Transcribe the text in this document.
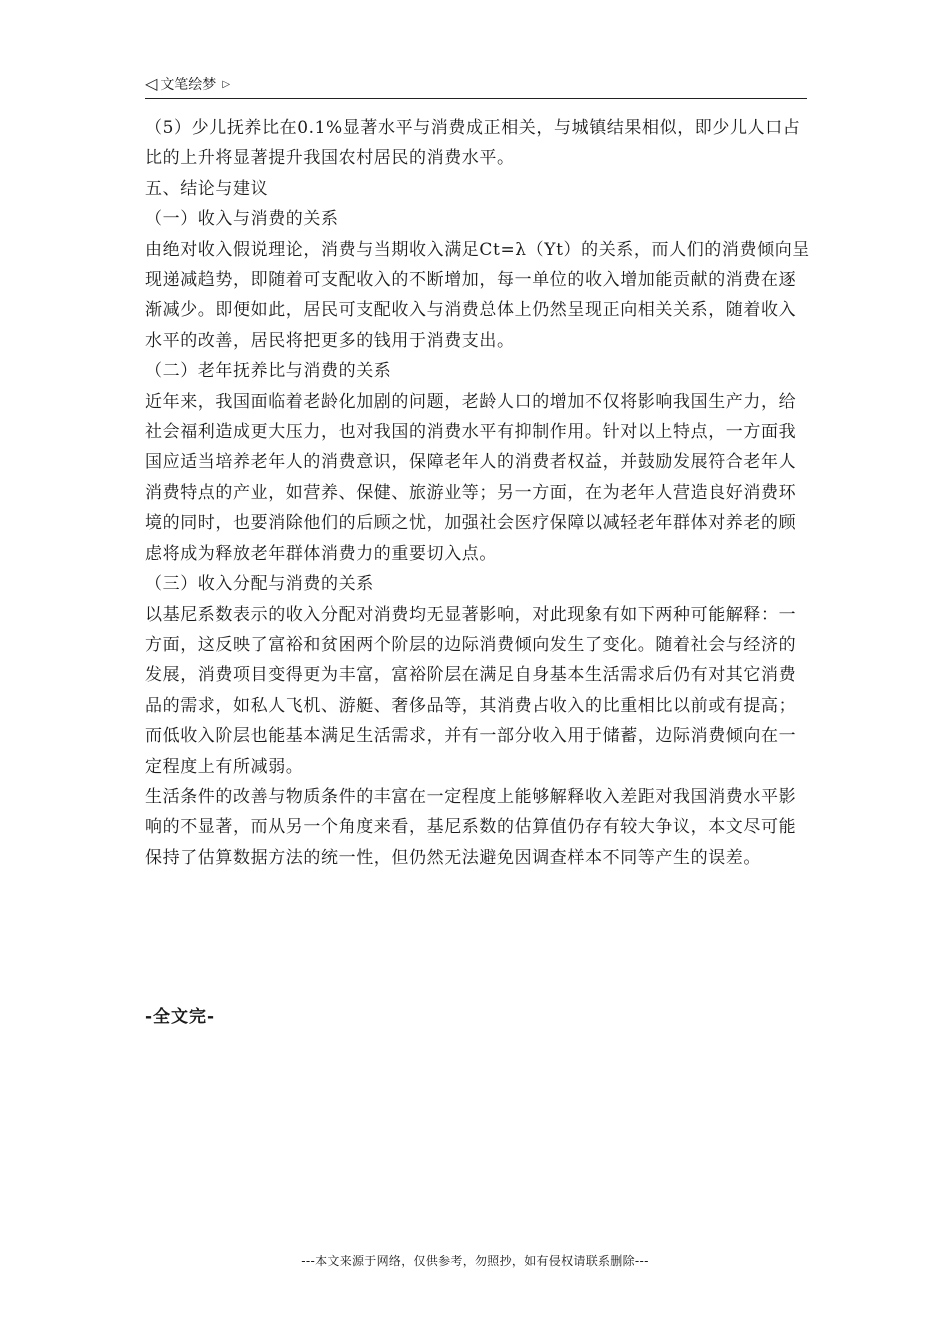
◁ 文笔绘梦 ▷

（5）少儿抚养比在0.1%显著水平与消费成正相关，与城镇结果相似，即少儿人口占比的上升将显著提升我国农村居民的消费水平。

五、结论与建议

（一）收入与消费的关系

由绝对收入假说理论，消费与当期收入满足Ct=λ（Yt）的关系，而人们的消费倾向呈现递减趋势，即随着可支配收入的不断增加，每一单位的收入增加能贡献的消费在逐渐减少。即便如此，居民可支配收入与消费总体上仍然呈现正向相关关系，随着收入水平的改善，居民将把更多的钱用于消费支出。

（二）老年抚养比与消费的关系

近年来，我国面临着老龄化加剧的问题，老龄人口的增加不仅将影响我国生产力，给社会福利造成更大压力，也对我国的消费水平有抑制作用。针对以上特点，一方面我国应适当培养老年人的消费意识，保障老年人的消费者权益，并鼓励发展符合老年人消费特点的产业，如营养、保健、旅游业等；另一方面，在为老年人营造良好消费环境的同时，也要消除他们的后顾之忧，加强社会医疗保障以减轻老年群体对养老的顾虑将成为释放老年群体消费力的重要切入点。

（三）收入分配与消费的关系

以基尼系数表示的收入分配对消费均无显著影响，对此现象有如下两种可能解释：一方面，这反映了富裕和贫困两个阶层的边际消费倾向发生了变化。随着社会与经济的发展，消费项目变得更为丰富，富裕阶层在满足自身基本生活需求后仍有对其它消费品的需求，如私人飞机、游艇、奢侈品等，其消费占收入的比重相比以前或有提高；而低收入阶层也能基本满足生活需求，并有一部分收入用于储蓄，边际消费倾向在一定程度上有所减弱。

生活条件的改善与物质条件的丰富在一定程度上能够解释收入差距对我国消费水平影响的不显著，而从另一个角度来看，基尼系数的估算值仍存有较大争议，本文尽可能保持了估算数据方法的统一性，但仍然无法避免因调查样本不同等产生的误差。

-全文完-
---本文来源于网络，仅供参考，勿照抄，如有侵权请联系删除---
